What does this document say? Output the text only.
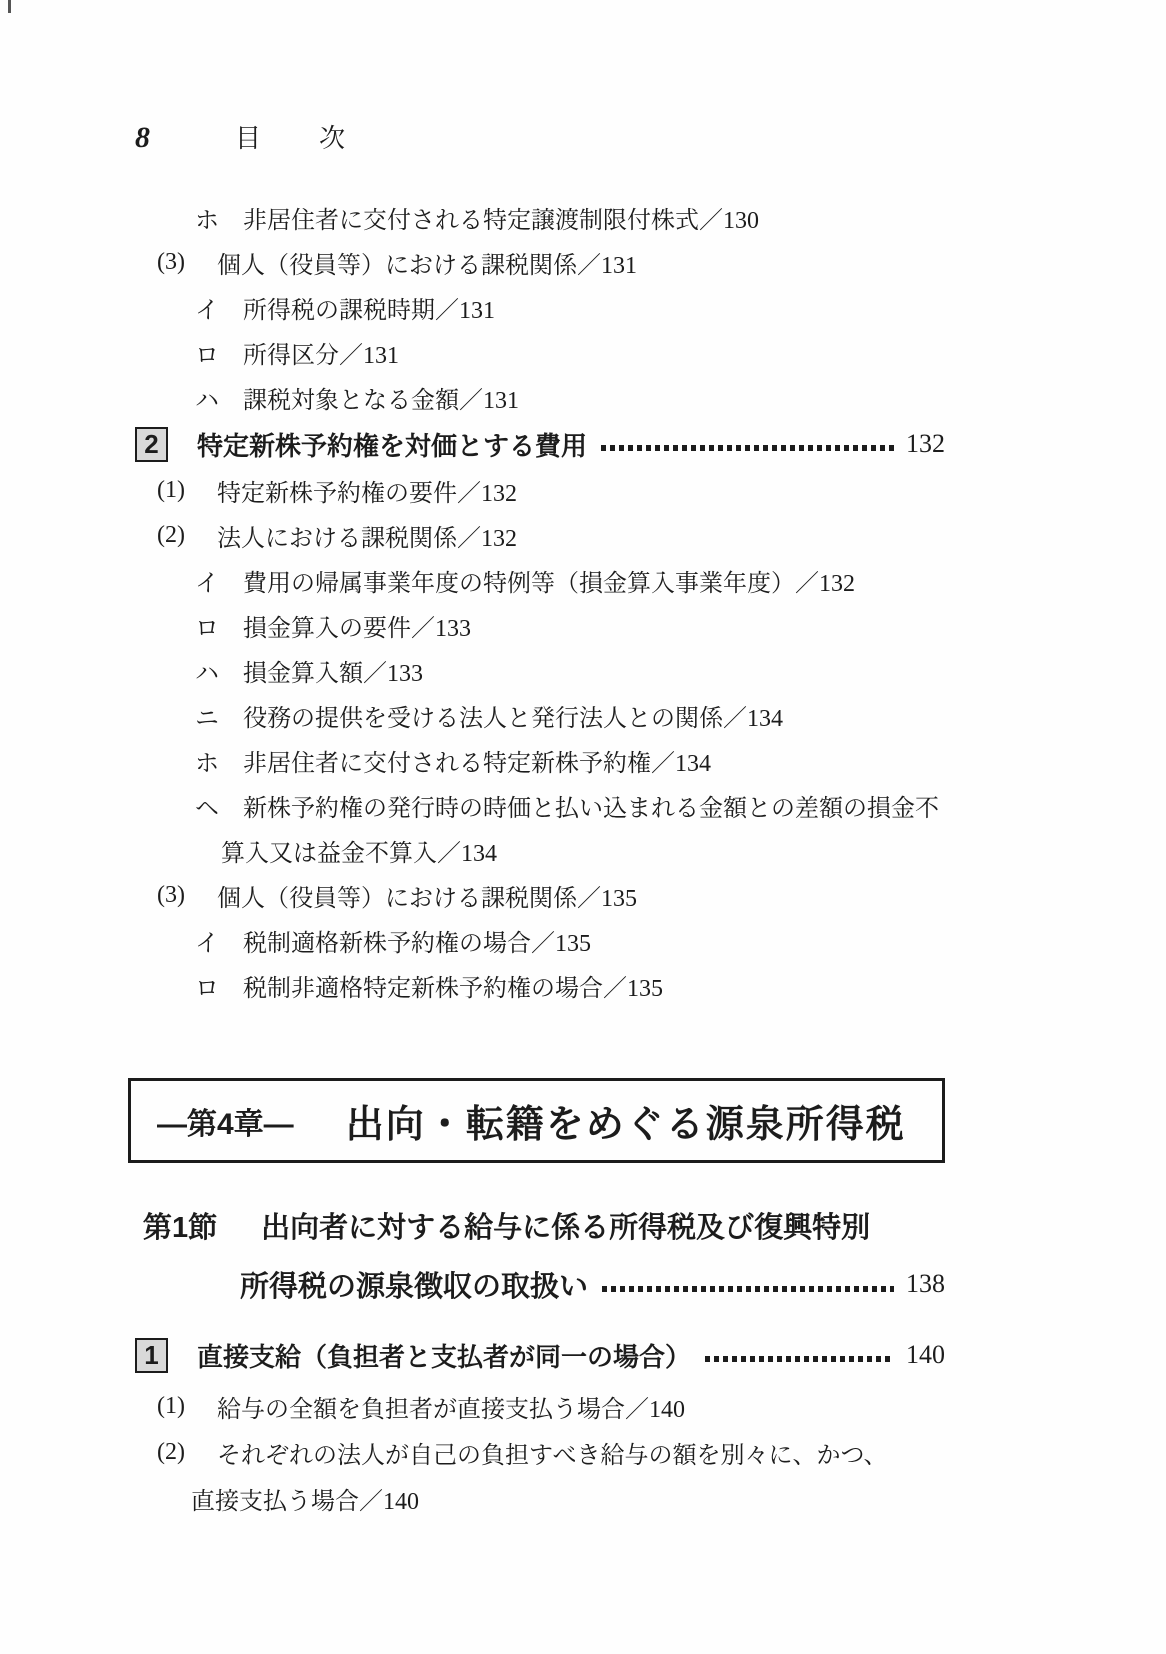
8	目　次
ホ	非居住者に交付される特定譲渡制限付株式／130
(3)	個人（役員等）における課税関係／131
イ	所得税の課税時期／131
ロ	所得区分／131
ハ	課税対象となる金額／131
2	特定新株予約権を対価とする費用	132
(1)	特定新株予約権の要件／132
(2)	法人における課税関係／132
イ	費用の帰属事業年度の特例等（損金算入事業年度）／132
ロ	損金算入の要件／133
ハ	損金算入額／133
ニ	役務の提供を受ける法人と発行法人との関係／134
ホ	非居住者に交付される特定新株予約権／134
ヘ	新株予約権の発行時の時価と払い込まれる金額との差額の損金不
算入又は益金不算入／134
(3)	個人（役員等）における課税関係／135
イ	税制適格新株予約権の場合／135
ロ	税制非適格特定新株予約権の場合／135
—第4章— 出向・転籍をめぐる源泉所得税
第1節 出向者に対する給与に係る所得税及び復興特別
所得税の源泉徴収の取扱い	138
1	直接支給（負担者と支払者が同一の場合）	140
(1)	給与の全額を負担者が直接支払う場合／140
(2)	それぞれの法人が自己の負担すべき給与の額を別々に、かつ、
直接支払う場合／140
